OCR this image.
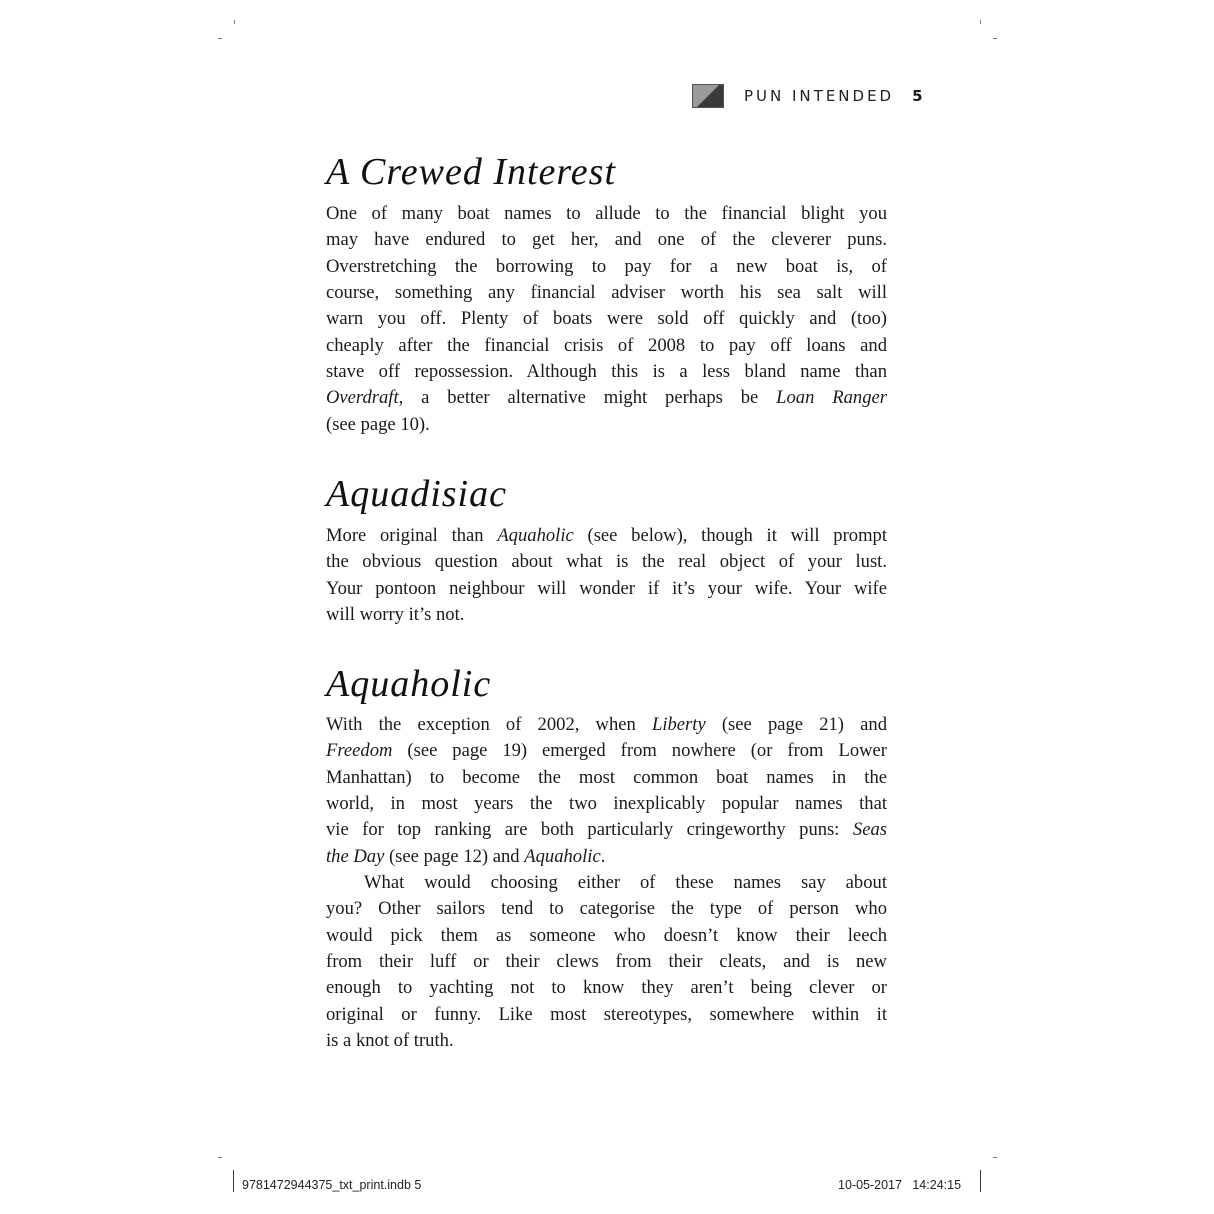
PUN INTENDED 5
A Crewed Interest
One of many boat names to allude to the financial blight you
may have endured to get her, and one of the cleverer puns.
Overstretching the borrowing to pay for a new boat is, of
course, something any financial adviser worth his sea salt will
warn you off. Plenty of boats were sold off quickly and (too)
cheaply after the financial crisis of 2008 to pay off loans and
stave off repossession. Although this is a less bland name than
Overdraft, a better alternative might perhaps be Loan Ranger
(see page 10).
Aquadisiac
More original than Aquaholic (see below), though it will prompt
the obvious question about what is the real object of your lust.
Your pontoon neighbour will wonder if it’s your wife. Your wife
will worry it’s not.
Aquaholic
With the exception of 2002, when Liberty (see page 21) and
Freedom (see page 19) emerged from nowhere (or from Lower
Manhattan) to become the most common boat names in the
world, in most years the two inexplicably popular names that
vie for top ranking are both particularly cringeworthy puns: Seas
the Day (see page 12) and Aquaholic.
What would choosing either of these names say about
you? Other sailors tend to categorise the type of person who
would pick them as someone who doesn’t know their leech
from their luff or their clews from their cleats, and is new
enough to yachting not to know they aren’t being clever or
original or funny. Like most stereotypes, somewhere within it
is a knot of truth.
9781472944375_txt_print.indb 5	10-05-2017   14:24:15
